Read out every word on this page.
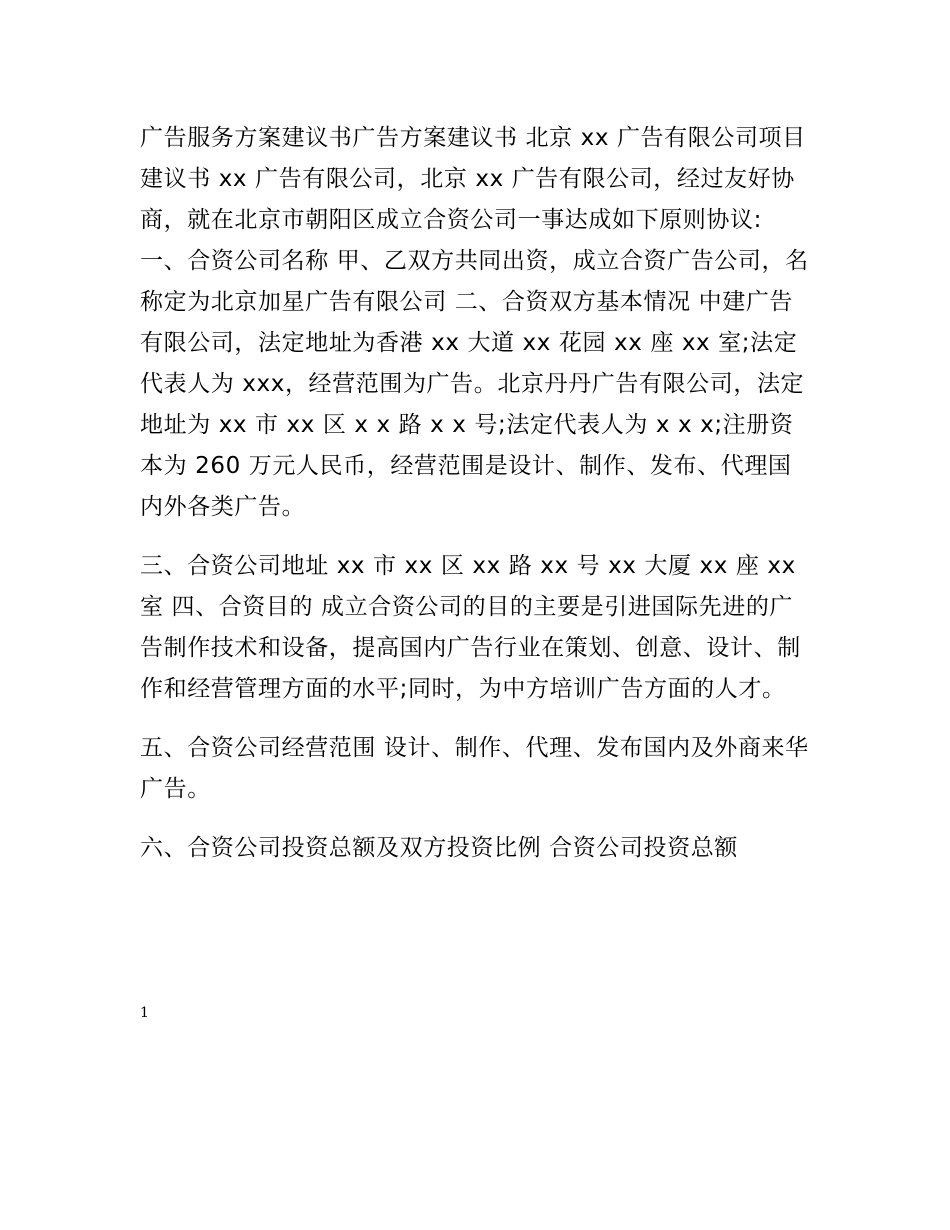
广告服务方案建议书广告方案建议书 北京 xx 广告有限公司项目建议书 xx 广告有限公司，北京 xx 广告有限公司，经过友好协商，就在北京市朝阳区成立合资公司一事达成如下原则协议: 一、合资公司名称 甲、乙双方共同出资，成立合资广告公司，名称定为北京加星广告有限公司 二、合资双方基本情况 中建广告有限公司，法定地址为香港 xx 大道 xx 花园 xx 座 xx 室;法定代表人为 xxx，经营范围为广告。北京丹丹广告有限公司，法定地址为 xx 市 xx 区 x x 路 x x 号;法定代表人为 x x x;注册资本为 260 万元人民币，经营范围是设计、制作、发布、代理国内外各类广告。

三、合资公司地址 xx 市 xx 区 xx 路 xx 号 xx 大厦 xx 座 xx 室 四、合资目的 成立合资公司的目的主要是引进国际先进的广告制作技术和设备，提高国内广告行业在策划、创意、设计、制作和经营管理方面的水平;同时，为中方培训广告方面的人才。

五、合资公司经营范围 设计、制作、代理、发布国内及外商来华广告。

六、合资公司投资总额及双方投资比例 合资公司投资总额

1
